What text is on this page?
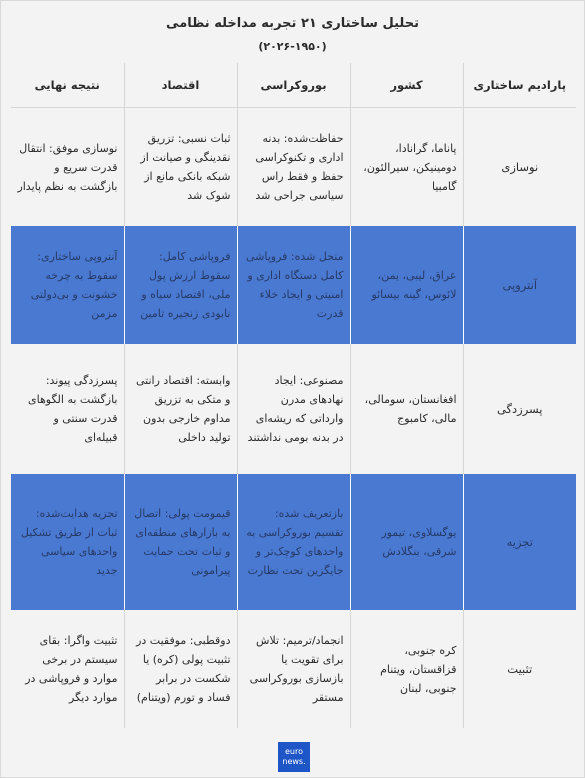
تحلیل ساختاری ۲۱ تجربه مداخله نظامی
(۲۰۲۶-۱۹۵۰)
پارادیم ساختاری	کشور	بوروکراسی	اقتصاد	نتیجه نهایی
نوسازی	پاناما، گرانادا، دومینیکن، سیرالئون، گامبیا	حفاظت‌شده: بدنه اداری و تکنوکراسی حفظ و فقط راس سیاسی جراحی شد	ثبات نسبی: تزریق نقدینگی و صیانت از شبکه بانکی مانع از شوک شد	نوسازی موفق: انتقال قدرت سریع و بازگشت به نظم پایدار
آنتروپی	عراق، لیبی، یمن، لائوس، گینه بیسائو	منحل شده: فروپاشی کامل دستگاه اداری و امنیتی و ایجاد خلاء قدرت	فروپاشی کامل: سقوط ارزش پول ملی، اقتصاد سیاه و نابودی زنجیره تامین	آنتروپی ساختاری: سقوط به چرخه خشونت و بی‌دولتی مزمن
پسرزدگی	افغانستان، سومالی، مالی، کامبوج	مصنوعی: ایجاد نهادهای مدرن وارداتی که ریشه‌ای در بدنه بومی نداشتند	وابسته: اقتصاد رانتی و متکی به تزریق مداوم خارجی بدون تولید داخلی	پسرزدگی پیوند: بازگشت به الگوهای قدرت سنتی و قبیله‌ای
تجزیه	یوگسلاوی، تیمور شرقی، بنگلادش	بازتعریف شده: تقسیم بوروکراسی به واحدهای کوچک‌تر و جایگزین تحت نظارت	قیمومت پولی: اتصال به بازارهای منطقه‌ای و ثبات تحت حمایت پیرامونی	تجزیه هدایت‌شده: ثبات از طریق تشکیل واحدهای سیاسی جدید
تثبیت	کره جنوبی، قزاقستان، ویتنام جنوبی، لبنان	انجماد/ترمیم: تلاش برای تقویت یا بازسازی بوروکراسی مستقر	دوقطبی: موفقیت در تثبیت پولی (کره) یا شکست در برابر فساد و تورم (ویتنام)	تثبیت واگرا: بقای سیستم در برخی موارد و فروپاشی در موارد دیگر
euro
news.
